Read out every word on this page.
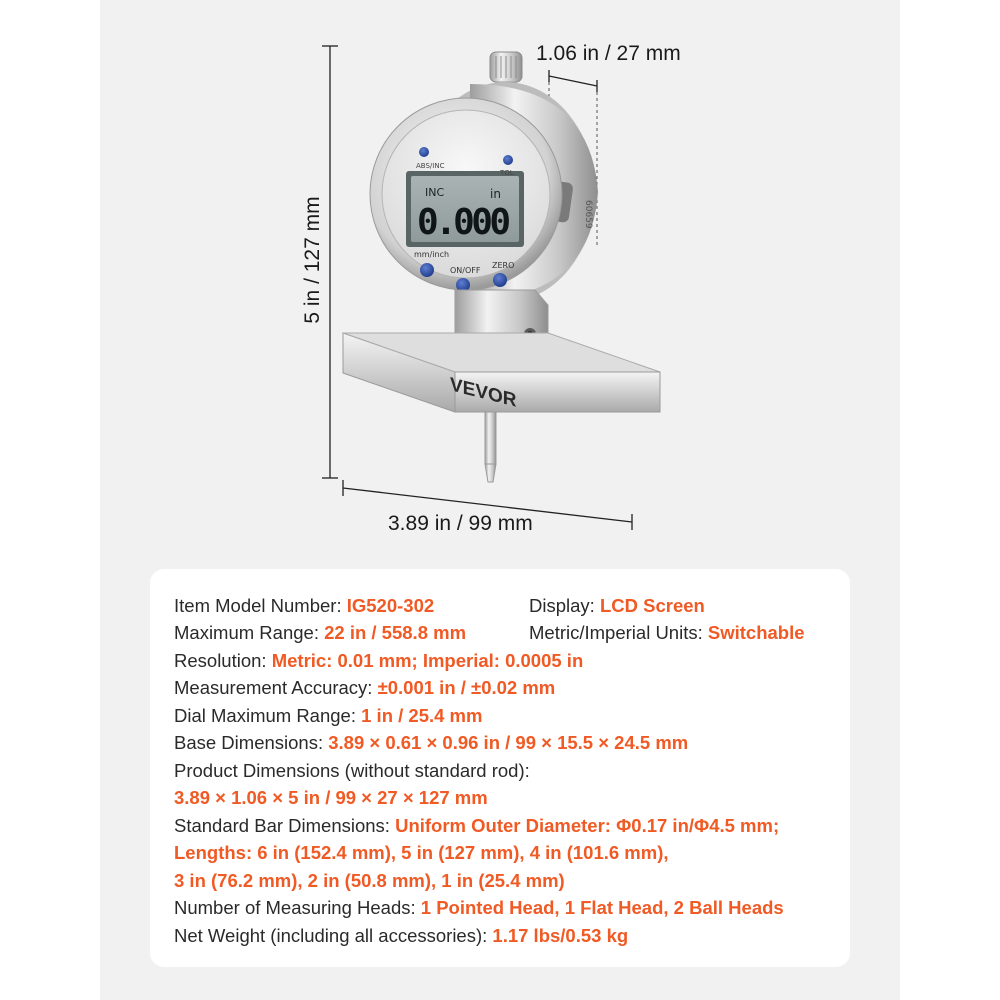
60659
INC	in
0.000
ABS/INC
TOL
mm/inch
ON/OFF
ZERO
VEVOR
5 in / 127 mm
3.89 in / 99 mm
1.06 in / 27 mm
Item Model Number: IG520-302	Display: LCD Screen
Maximum Range: 22 in / 558.8 mm	Metric/Imperial Units: Switchable
Resolution: Metric: 0.01 mm; Imperial: 0.0005 in
Measurement Accuracy: ±0.001 in / ±0.02 mm
Dial Maximum Range: 1 in / 25.4 mm
Base Dimensions: 3.89 × 0.61 × 0.96 in / 99 × 15.5 × 24.5 mm
Product Dimensions (without standard rod):
3.89 × 1.06 × 5 in / 99 × 27 × 127 mm
Standard Bar Dimensions: Uniform Outer Diameter: Φ0.17 in/Φ4.5 mm;
Lengths: 6 in (152.4 mm), 5 in (127 mm), 4 in (101.6 mm),
3 in (76.2 mm), 2 in (50.8 mm), 1 in (25.4 mm)
Number of Measuring Heads: 1 Pointed Head, 1 Flat Head, 2 Ball Heads
Net Weight (including all accessories): 1.17 lbs/0.53 kg
